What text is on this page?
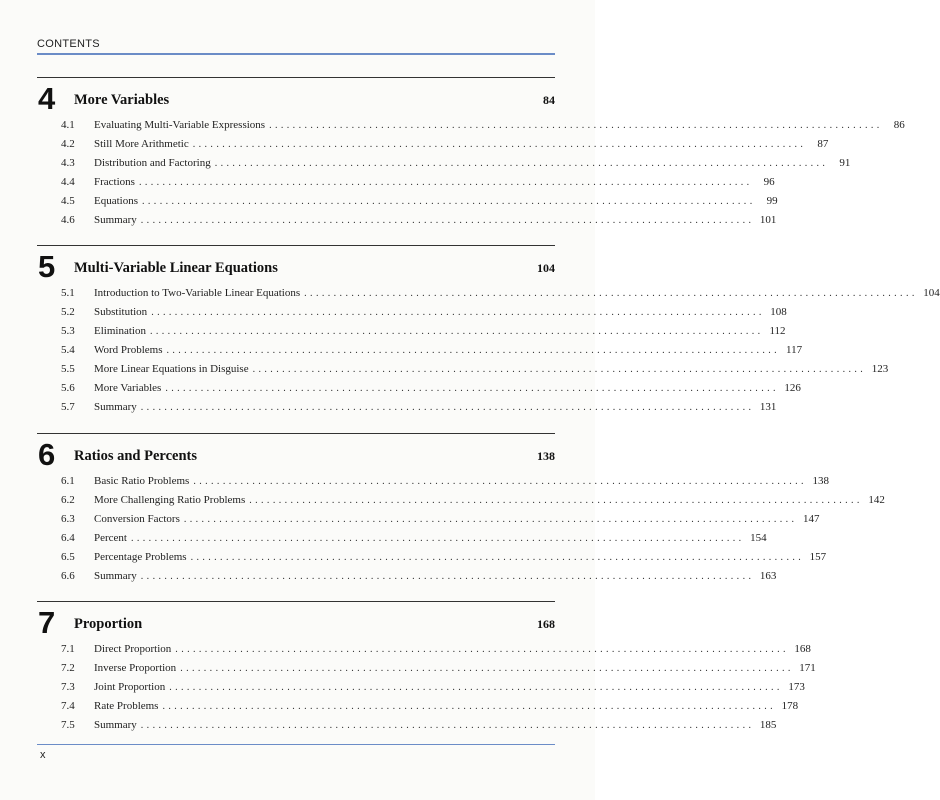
CONTENTS
4 More Variables	84
4.1	Evaluating Multi-Variable Expressions ........................................................................................................	86
4.2	Still More Arithmetic ........................................................................................................	87
4.3	Distribution and Factoring ........................................................................................................	91
4.4	Fractions ........................................................................................................	96
4.5	Equations ........................................................................................................	99
4.6	Summary ........................................................................................................ 101
5 Multi-Variable Linear Equations	104
5.1	Introduction to Two-Variable Linear Equations ........................................................................................................ 104
5.2	Substitution ........................................................................................................ 108
5.3	Elimination ........................................................................................................ 112
5.4	Word Problems ........................................................................................................ 117
5.5	More Linear Equations in Disguise ........................................................................................................ 123
5.6	More Variables ........................................................................................................ 126
5.7	Summary ........................................................................................................ 131
6 Ratios and Percents	138
6.1	Basic Ratio Problems ........................................................................................................ 138
6.2	More Challenging Ratio Problems ........................................................................................................ 142
6.3	Conversion Factors ........................................................................................................ 147
6.4	Percent ........................................................................................................ 154
6.5	Percentage Problems ........................................................................................................ 157
6.6	Summary ........................................................................................................ 163
7 Proportion	168
7.1	Direct Proportion ........................................................................................................ 168
7.2	Inverse Proportion ........................................................................................................ 171
7.3	Joint Proportion ........................................................................................................ 173
7.4	Rate Problems ........................................................................................................ 178
7.5	Summary ........................................................................................................ 185
x
